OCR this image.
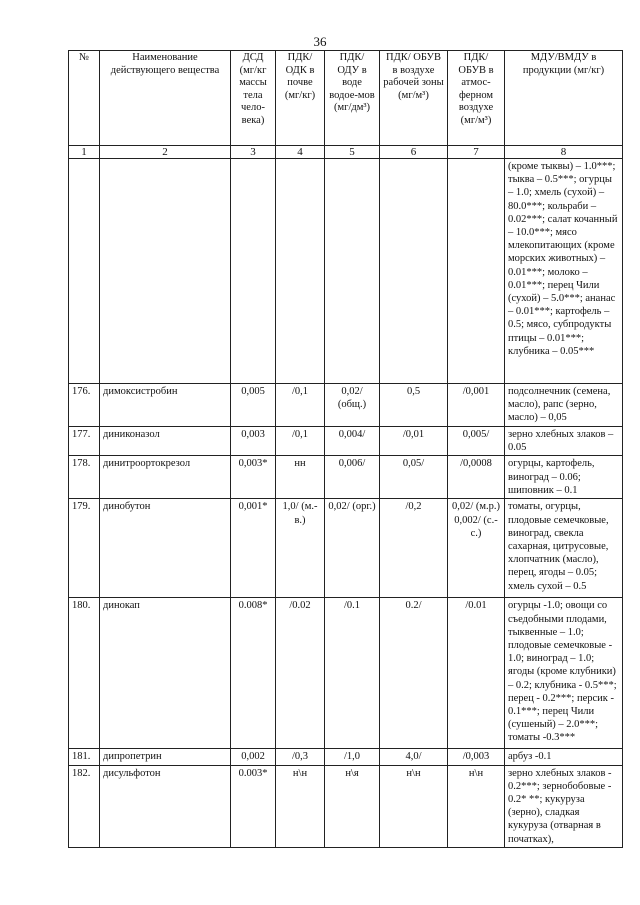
36
№	Наименование действующего вещества	ДСД (мг/кг массы тела чело-века)	ПДК/ ОДК в почве (мг/кг)	ПДК/ ОДУ в воде водое-мов (мг/дм³)	ПДК/ ОБУВ в воздухе рабочей зоны (мг/м³)	ПДК/ ОБУВ в атмос-ферном воздухе (мг/м³)	МДУ/ВМДУ в продукции (мг/кг)
1	2	3	4	5	6	7	8
							(кроме тыквы) – 1.0***; тыква – 0.5***; огурцы – 1.0; хмель (сухой) – 80.0***; кольраби – 0.02***; салат кочанный – 10.0***; мясо млекопитающих (кроме морских животных) – 0.01***; молоко – 0.01***; перец Чили (сухой) – 5.0***; ананас – 0.01***; картофель – 0.5; мясо, субпродукты птицы – 0.01***; клубника – 0.05***
176.	димоксистробин	0,005	/0,1	0,02/ (общ.)	0,5	/0,001	подсолнечник (семена, масло), рапс (зерно, масло) – 0,05
177.	диниконазол	0,003	/0,1	0,004/	/0,01	0,005/	зерно хлебных злаков – 0.05
178.	динитроортокрезол	0,003*	нн	0,006/	0,05/	/0,0008	огурцы, картофель, виноград – 0.06; шиповник – 0.1
179.	динобутон	0,001*	1,0/ (м.-в.)	0,02/ (орг.)	/0,2	0,02/ (м.р.) 0,002/ (с.-с.)	томаты, огурцы, плодовые семечковые, виноград, свекла сахарная, цитрусовые, хлопчатник (масло), перец, ягоды – 0.05; хмель сухой – 0.5
180.	динокап	0.008*	/0.02	/0.1	0.2/	/0.01	огурцы -1.0; овощи со съедобными плодами, тыквенные – 1.0; плодовые семечковые - 1.0; виноград – 1.0; ягоды (кроме клубники) – 0.2; клубника - 0.5***; перец - 0.2***; персик - 0.1***; перец Чили (сушеный) – 2.0***; томаты -0.3***
181.	дипропетрин	0,002	/0,3	/1,0	4,0/	/0,003	арбуз -0.1
182.	дисульфотон	0.003*	н\н	н\я	н\н	н\н	зерно хлебных злаков - 0.2***; зернобобовые - 0.2* **; кукуруза (зерно), сладкая кукуруза (отварная в початках),
